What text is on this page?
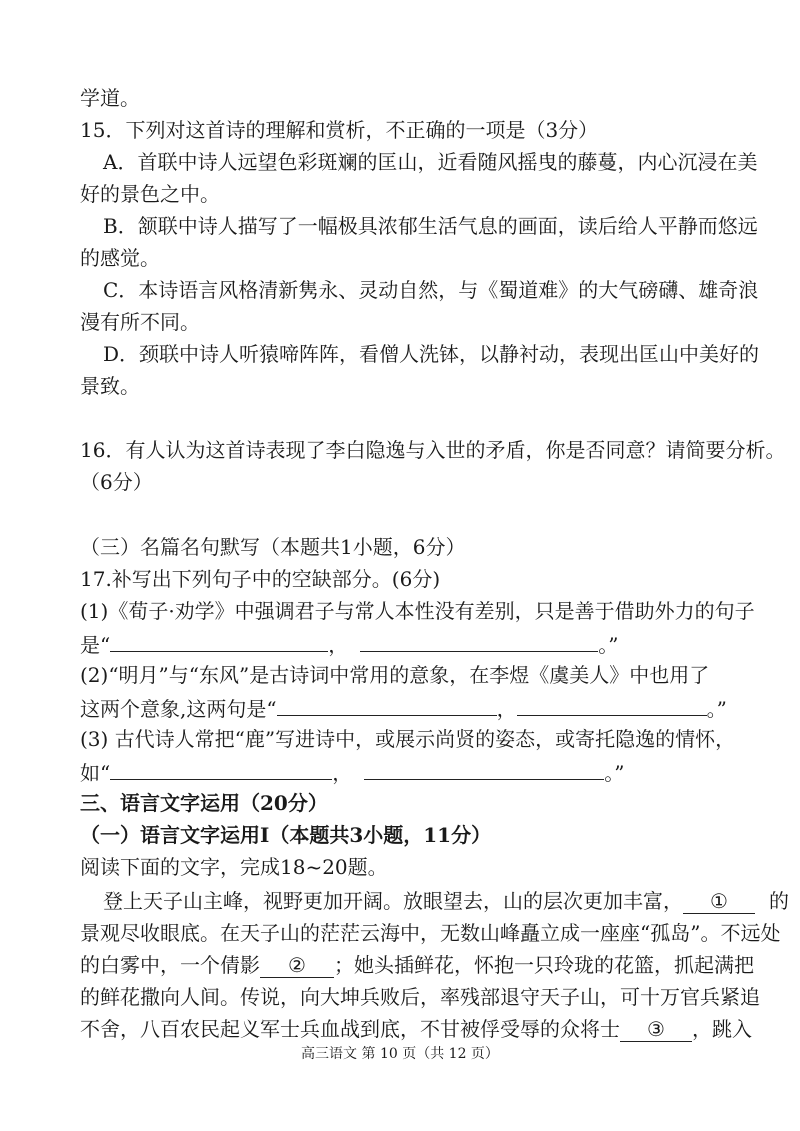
学道。
15．下列对这首诗的理解和赏析，不正确的一项是（3分）
A．首联中诗人远望色彩斑斓的匡山，近看随风摇曳的藤蔓，内心沉浸在美
好的景色之中。
B．颔联中诗人描写了一幅极具浓郁生活气息的画面，读后给人平静而悠远
的感觉。
C．本诗语言风格清新隽永、灵动自然，与《蜀道难》的大气磅礴、雄奇浪
漫有所不同。
D．颈联中诗人听猿啼阵阵，看僧人洗钵，以静衬动，表现出匡山中美好的
景致。
16．有人认为这首诗表现了李白隐逸与入世的矛盾，你是否同意？请简要分析。
（6分）
（三）名篇名句默写（本题共1小题，6分）
17.补写出下列句子中的空缺部分。(6分)
(1)《荀子·劝学》中强调君子与常人本性没有差别，只是善于借助外力的句子
是“	，	。”
(2)“明月”与“东风”是古诗词中常用的意象，在李煜《虞美人》中也用了
这两个意象,这两句是“	，	。”
(3) 古代诗人常把“鹿”写进诗中，或展示尚贤的姿态，或寄托隐逸的情怀，
如“	，	。”
三、语言文字运用（20分）
（一）语言文字运用Ⅰ（本题共3小题，11分）
阅读下面的文字，完成18~20题。
登上天子山主峰，视野更加开阔。放眼望去，山的层次更加丰富， ① 的
景观尽收眼底。在天子山的茫茫云海中，无数山峰矗立成一座座“孤岛”。不远处
的白雾中，一个倩影 ② ；她头插鲜花，怀抱一只玲珑的花篮，抓起满把
的鲜花撒向人间。传说，向大坤兵败后，率残部退守天子山，可十万官兵紧追
不舍，八百农民起义军士兵血战到底，不甘被俘受辱的众将士 ③ ，跳入
高三语文 第 10 页（共 12 页）
